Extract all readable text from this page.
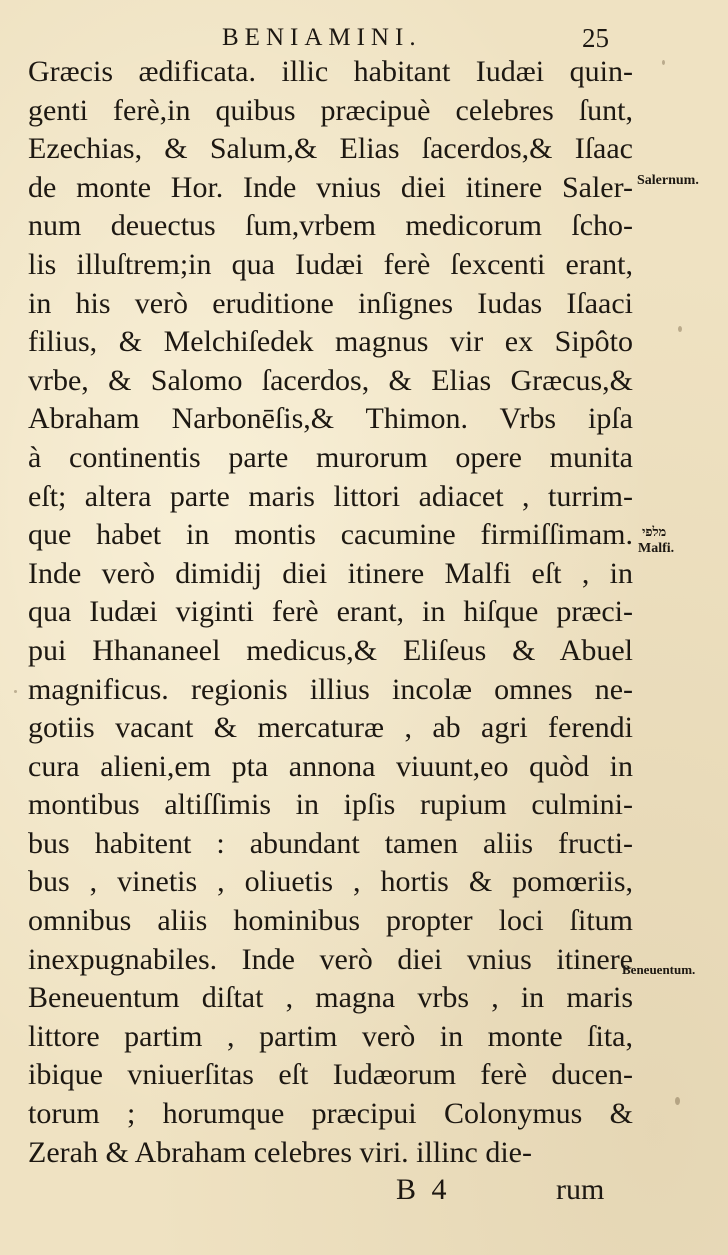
BENIAMINI.	25
Græcis ædificata. illic habitant Iudæi quin-
genti ferè,in quibus præcipuè celebres ſunt,
Ezechias, & Salum,& Elias ſacerdos,& Iſaac
de monte Hor. Inde vnius diei itinere Saler-
num deuectus ſum,vrbem medicorum ſcho-
lis illuſtrem;in qua Iudæi ferè ſexcenti erant,
in his verò eruditione inſignes Iudas Iſaaci
filius, & Melchiſedek magnus vir ex Sipôto
vrbe, & Salomo ſacerdos, & Elias Græcus,&
Abraham Narbonēſis,& Thimon. Vrbs ipſa
à continentis parte murorum opere munita
eſt; altera parte maris littori adiacet , turrim-
que habet in montis cacumine firmiſſimam.
Inde verò dimidij diei itinere Malfi eſt , in
qua Iudæi viginti ferè erant, in hiſque præci-
pui Hhananeel medicus,& Eliſeus & Abuel
magnificus. regionis illius incolæ omnes ne-
gotiis vacant & mercaturæ , ab agri ferendi
cura alieni,em pta annona viuunt,eo quòd in
montibus altiſſimis in ipſis rupium culmini-
bus habitent : abundant tamen aliis fructi-
bus , vinetis , oliuetis , hortis & pomœriis,
omnibus aliis hominibus propter loci ſitum
inexpugnabiles. Inde verò diei vnius itinere
Beneuentum diſtat , magna vrbs , in maris
littore partim , partim verò in monte ſita,
ibique vniuerſitas eſt Iudæorum ferè ducen-
torum ; horumque præcipui Colonymus &
Zerah & Abraham celebres viri. illinc die-
Salernum.
מלפי
Malfi.
Beneuentum.
B 4	rum
